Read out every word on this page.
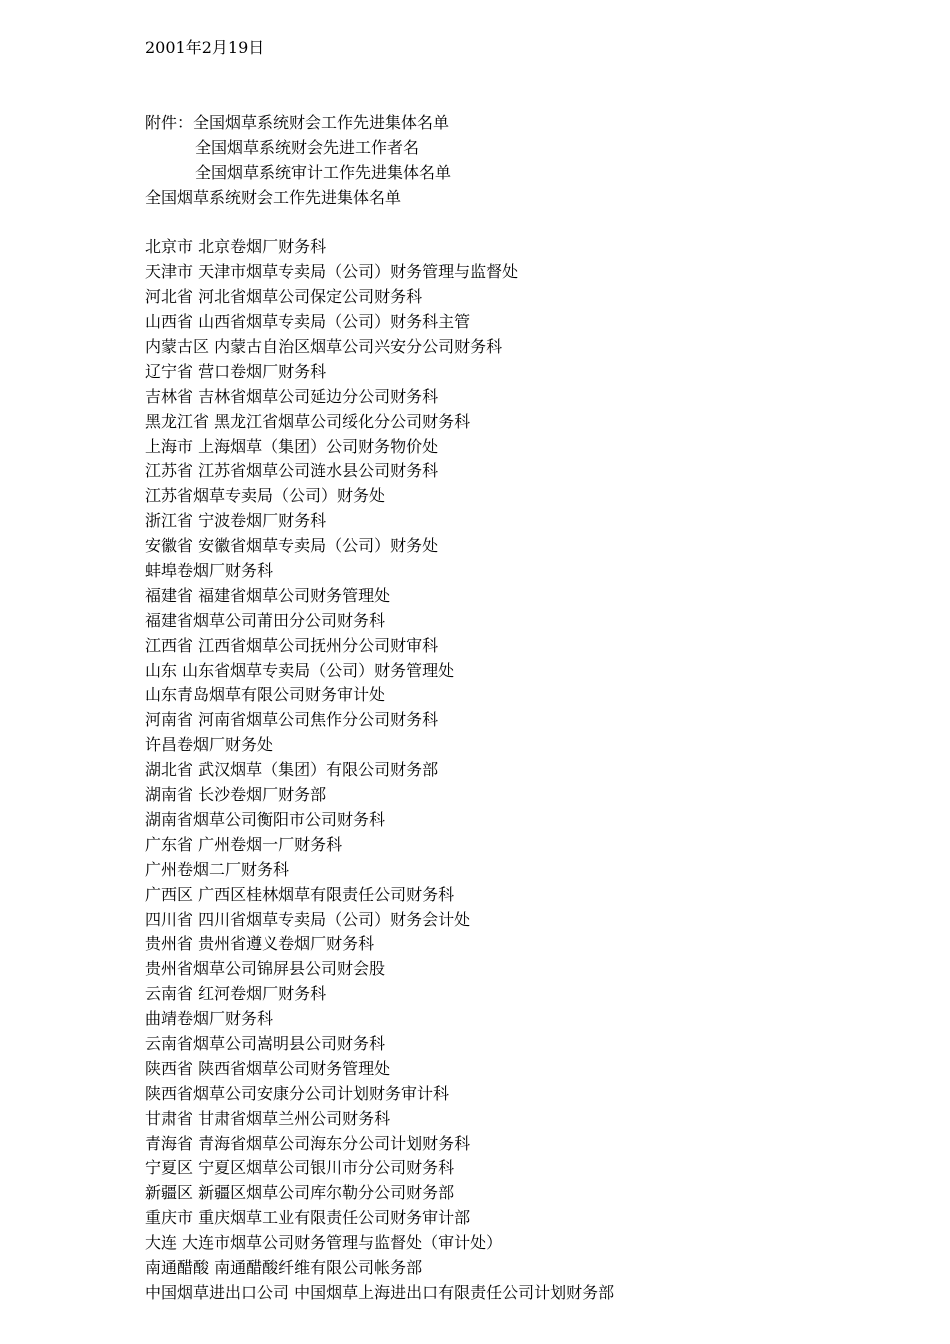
2001年2月19日
附件：全国烟草系统财会工作先进集体名单
全国烟草系统财会先进工作者名
全国烟草系统审计工作先进集体名单
全国烟草系统财会工作先进集体名单
北京市 北京卷烟厂财务科
天津市 天津市烟草专卖局（公司）财务管理与监督处
河北省 河北省烟草公司保定公司财务科
山西省 山西省烟草专卖局（公司）财务科主管
内蒙古区 内蒙古自治区烟草公司兴安分公司财务科
辽宁省 营口卷烟厂财务科
吉林省 吉林省烟草公司延边分公司财务科
黑龙江省 黑龙江省烟草公司绥化分公司财务科
上海市 上海烟草（集团）公司财务物价处
江苏省 江苏省烟草公司涟水县公司财务科
江苏省烟草专卖局（公司）财务处
浙江省 宁波卷烟厂财务科
安徽省 安徽省烟草专卖局（公司）财务处
蚌埠卷烟厂财务科
福建省 福建省烟草公司财务管理处
福建省烟草公司莆田分公司财务科
江西省 江西省烟草公司抚州分公司财审科
山东 山东省烟草专卖局（公司）财务管理处
山东青岛烟草有限公司财务审计处
河南省 河南省烟草公司焦作分公司财务科
许昌卷烟厂财务处
湖北省 武汉烟草（集团）有限公司财务部
湖南省 长沙卷烟厂财务部
湖南省烟草公司衡阳市公司财务科
广东省 广州卷烟一厂财务科
广州卷烟二厂财务科
广西区 广西区桂林烟草有限责任公司财务科
四川省 四川省烟草专卖局（公司）财务会计处
贵州省 贵州省遵义卷烟厂财务科
贵州省烟草公司锦屏县公司财会股
云南省 红河卷烟厂财务科
曲靖卷烟厂财务科
云南省烟草公司嵩明县公司财务科
陕西省 陕西省烟草公司财务管理处
陕西省烟草公司安康分公司计划财务审计科
甘肃省 甘肃省烟草兰州公司财务科
青海省 青海省烟草公司海东分公司计划财务科
宁夏区 宁夏区烟草公司银川市分公司财务科
新疆区 新疆区烟草公司库尔勒分公司财务部
重庆市 重庆烟草工业有限责任公司财务审计部
大连 大连市烟草公司财务管理与监督处（审计处）
南通醋酸 南通醋酸纤维有限公司帐务部
中国烟草进出口公司 中国烟草上海进出口有限责任公司计划财务部
